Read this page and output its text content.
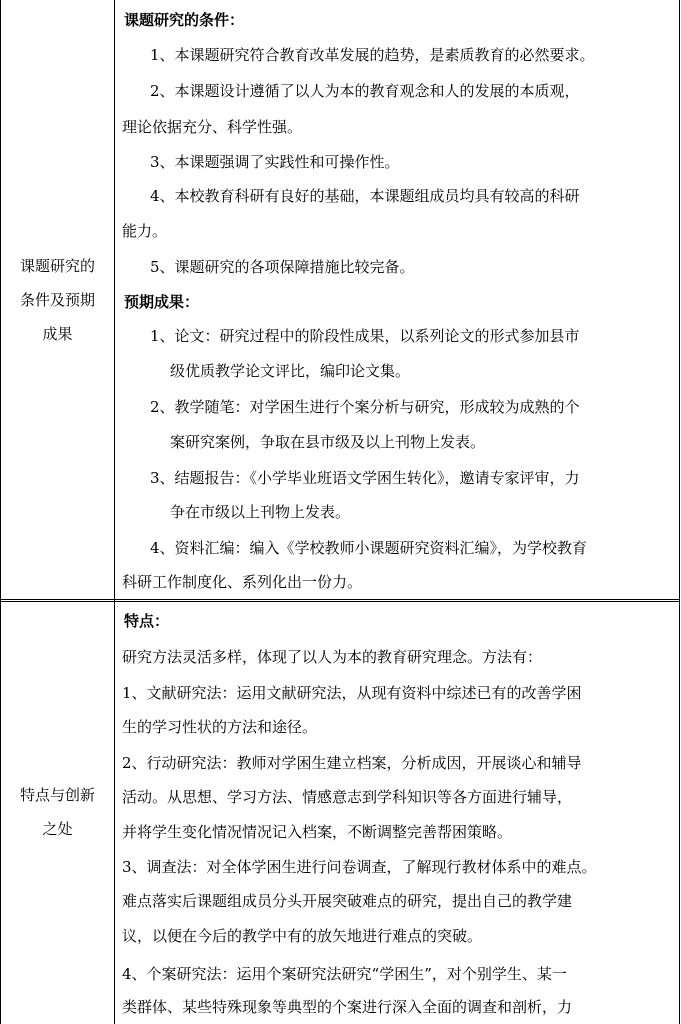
课题研究的
条件及预期
成果
课题研究的条件：
1、本课题研究符合教育改革发展的趋势，是素质教育的必然要求。
2、本课题设计遵循了以人为本的教育观念和人的发展的本质观，
理论依据充分、科学性强。
3、本课题强调了实践性和可操作性。
4、本校教育科研有良好的基础，本课题组成员均具有较高的科研
能力。
5、课题研究的各项保障措施比较完备。
预期成果：
1、论文：研究过程中的阶段性成果，以系列论文的形式参加县市
级优质教学论文评比，编印论文集。
2、教学随笔：对学困生进行个案分析与研究，形成较为成熟的个
案研究案例，争取在县市级及以上刊物上发表。
3、结题报告：《小学毕业班语文学困生转化》，邀请专家评审，力
争在市级以上刊物上发表。
4、资料汇编：编入《学校教师小课题研究资料汇编》，为学校教育
科研工作制度化、系列化出一份力。
特点与创新
之处
特点：
研究方法灵活多样，体现了以人为本的教育研究理念。方法有：
1、文献研究法：运用文献研究法，从现有资料中综述已有的改善学困
生的学习性状的方法和途径。
2、行动研究法：教师对学困生建立档案，分析成因，开展谈心和辅导
活动。从思想、学习方法、情感意志到学科知识等各方面进行辅导，
并将学生变化情况情况记入档案，不断调整完善帮困策略。
3、调查法：对全体学困生进行问卷调查，了解现行教材体系中的难点。
难点落实后课题组成员分头开展突破难点的研究，提出自己的教学建
议，以便在今后的教学中有的放矢地进行难点的突破。
4、个案研究法：运用个案研究法研究“学困生”，对个别学生、某一
类群体、某些特殊现象等典型的个案进行深入全面的调查和剖析，力
